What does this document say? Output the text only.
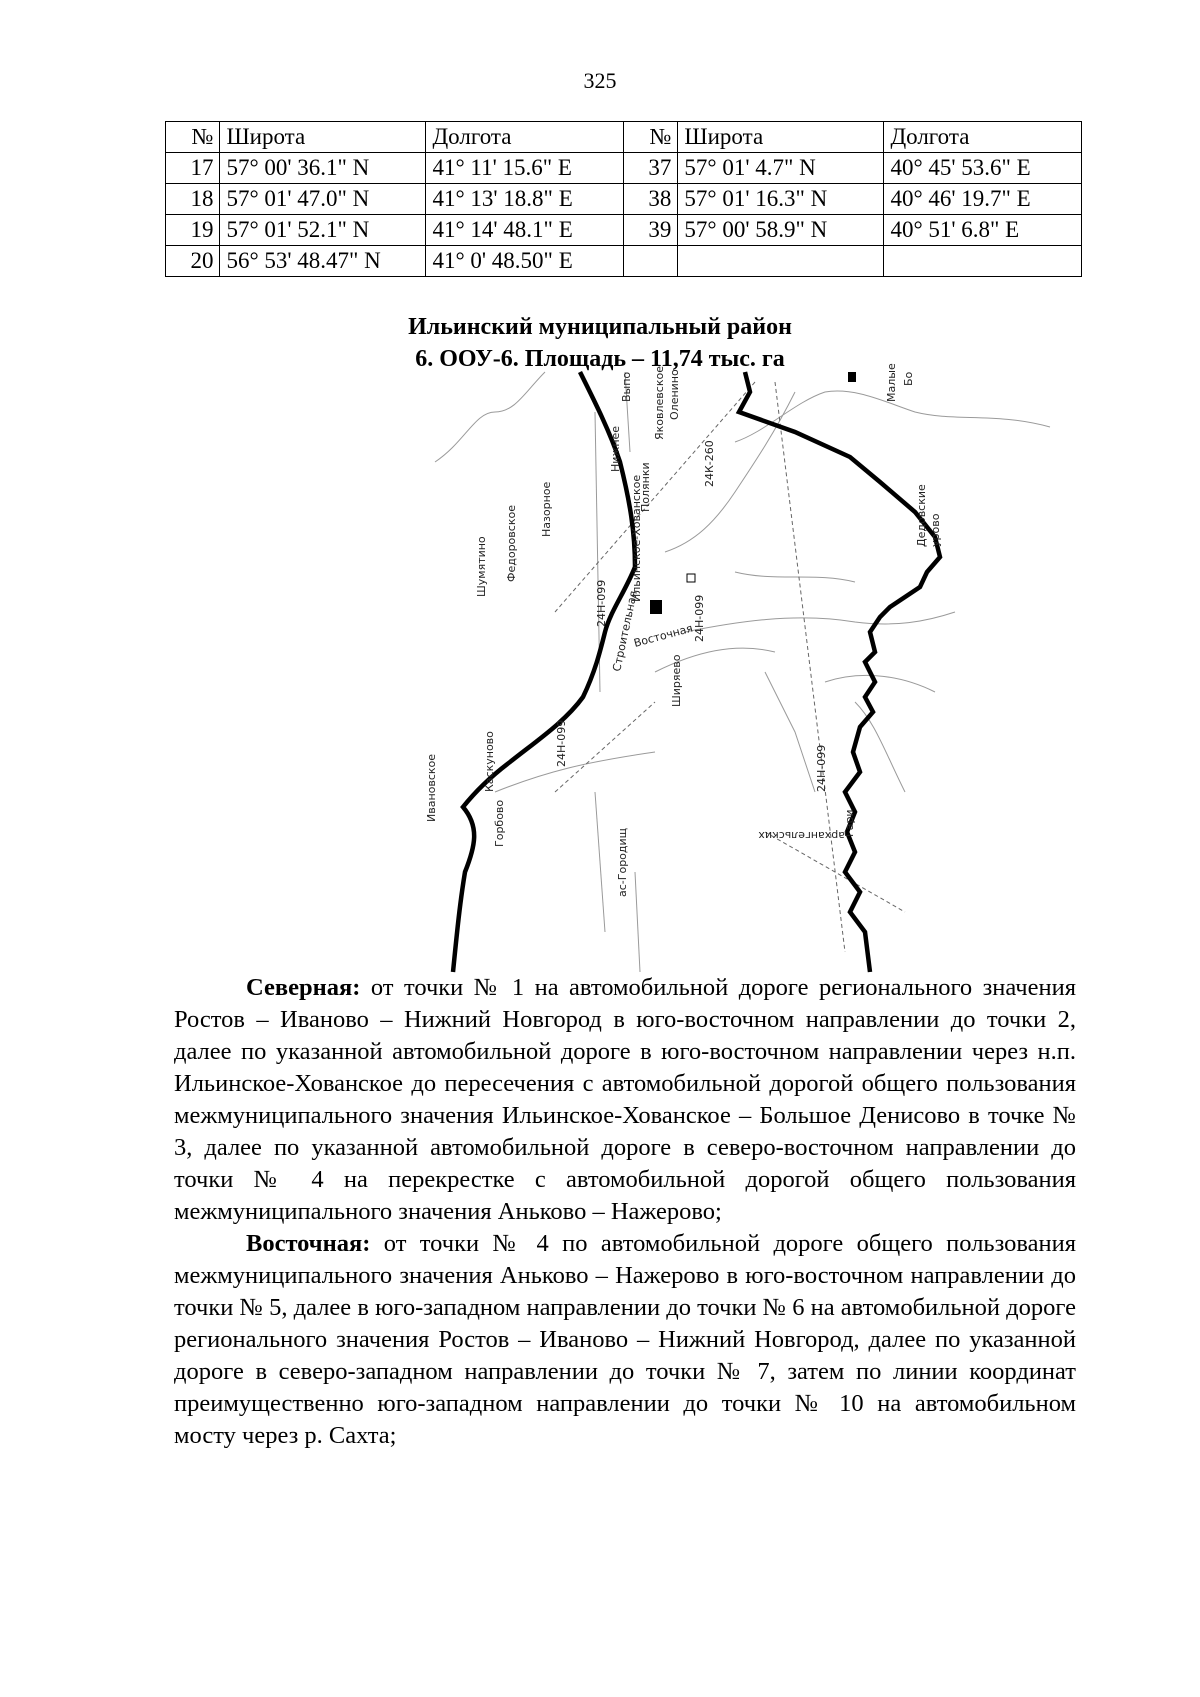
325
№	Широта	Долгота	№	Широта	Долгота
17	57° 00' 36.1" N	41° 11' 15.6" E	37	57° 01' 4.7" N	40° 45' 53.6" E
18	57° 01' 47.0" N	41° 13' 18.8" E	38	57° 01' 16.3" N	40° 46' 19.7" E
19	57° 01' 52.1" N	41° 14' 48.1" E	39	57° 00' 58.9" N	40° 51' 6.8" E
20	56° 53' 48.47" N	41° 0' 48.50" E			
Ильинский муниципальный район
6. ООУ-6. Площадь – 11,74 тыс. га
Нижнее
Ильинское-Хованское
Полянки
Назорное
Федоровское
Шумятино
Яковлевское Оленино
Выпо	Малые Бо
Дедовские урово
Ширяево
Строительная
Восточная
Каскуново
Ивановское
Горбово
ас-Городищ
Гари
архангельских
24К-260
24Н-099
24Н-099
24Н-099
24Н-099

Северная: от точки № 1 на автомобильной дороге регионального значения Ростов – Иваново – Нижний Новгород в юго-восточном направлении до точки 2, далее по указанной автомобильной дороге в юго-восточном направлении через н.п. Ильинское-Хованское до пересечения с автомобильной дорогой общего пользования межмуниципального значения Ильинское-Хованское – Большое Денисово в точке № 3, далее по указанной автомобильной дороге в северо-восточном направлении до точки № 4 на перекрестке с автомобильной дорогой общего пользования межмуниципального значения Аньково – Нажерово;

Восточная: от точки № 4 по автомобильной дороге общего пользования межмуниципального значения Аньково – Нажерово в юго-восточном направлении до точки № 5, далее в юго-западном направлении до точки № 6 на автомобильной дороге регионального значения Ростов – Иваново – Нижний Новгород, далее по указанной дороге в северо-западном направлении до точки № 7, затем по линии координат преимущественно юго-западном направлении до точки № 10 на автомобильном мосту через р. Сахта;
